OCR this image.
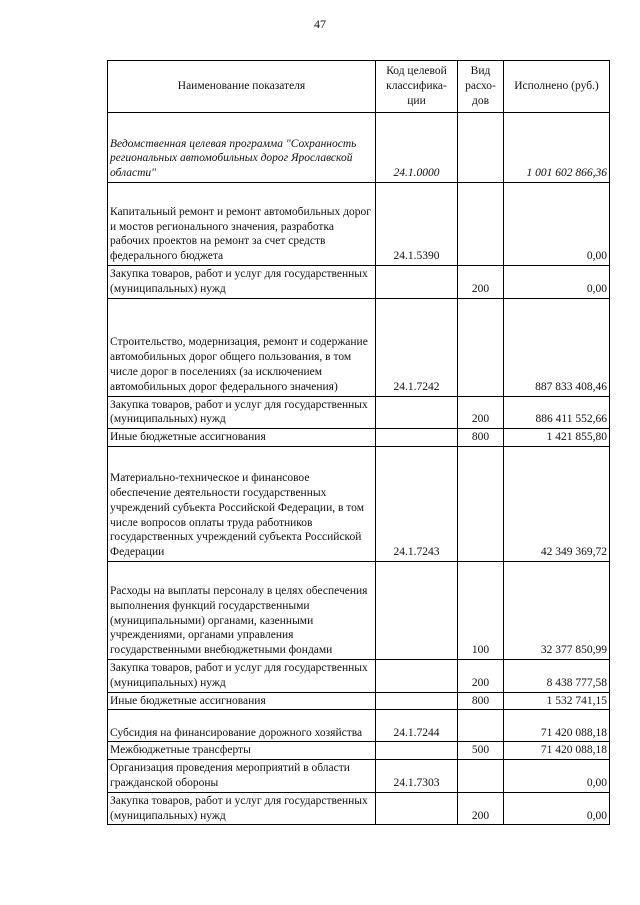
47
Наименование показателя	Код целевой классифика-ции	Вид расхо-дов	Исполнено (руб.)
Ведомственная целевая программа "Сохранность региональных автомобильных дорог Ярославской области"	24.1.0000		1 001 602 866,36
Капитальный ремонт и ремонт автомобильных дорог и мостов регионального значения, разработка рабочих проектов на ремонт за счет средств федерального бюджета	24.1.5390		0,00
Закупка товаров, работ и услуг для государственных (муниципальных) нужд		200	0,00
Строительство, модернизация, ремонт и содержание автомобильных дорог общего пользования, в том числе дорог в поселениях (за исключением автомобильных дорог федерального значения)	24.1.7242		887 833 408,46
Закупка товаров, работ и услуг для государственных (муниципальных) нужд		200	886 411 552,66
Иные бюджетные ассигнования		800	1 421 855,80
Материально-техническое и финансовое обеспечение деятельности государственных учреждений субъекта Российской Федерации, в том числе вопросов оплаты труда работников государственных учреждений субъекта Российской Федерации	24.1.7243		42 349 369,72
Расходы на выплаты персоналу в целях обеспечения выполнения функций государственными (муниципальными) органами, казенными учреждениями, органами управления государственными внебюджетными фондами		100	32 377 850,99
Закупка товаров, работ и услуг для государственных (муниципальных) нужд		200	8 438 777,58
Иные бюджетные ассигнования		800	1 532 741,15
Субсидия на финансирование дорожного хозяйства	24.1.7244		71 420 088,18
Межбюджетные трансферты		500	71 420 088,18
Организация проведения мероприятий в области гражданской обороны	24.1.7303		0,00
Закупка товаров, работ и услуг для государственных (муниципальных) нужд		200	0,00
